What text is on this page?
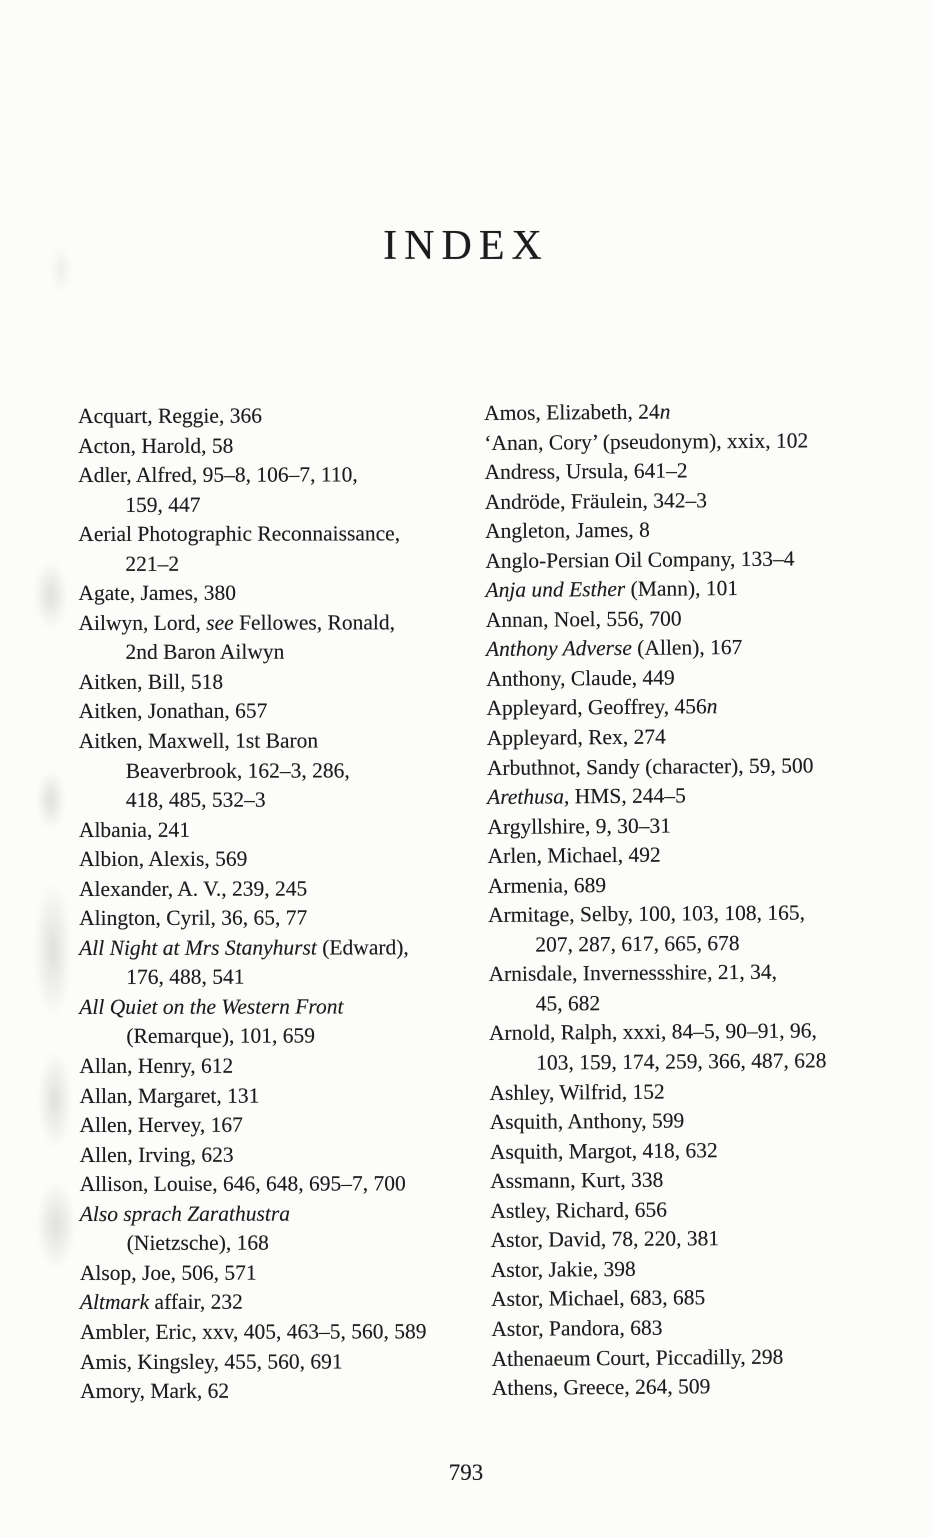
INDEX
Acquart, Reggie, 366
Acton, Harold, 58
Adler, Alfred, 95–8, 106–7, 110,
159, 447
Aerial Photographic Reconnaissance,
221–2
Agate, James, 380
Ailwyn, Lord, see Fellowes, Ronald,
2nd Baron Ailwyn
Aitken, Bill, 518
Aitken, Jonathan, 657
Aitken, Maxwell, 1st Baron
Beaverbrook, 162–3, 286,
418, 485, 532–3
Albania, 241
Albion, Alexis, 569
Alexander, A. V., 239, 245
Alington, Cyril, 36, 65, 77
All Night at Mrs Stanyhurst (Edward),
176, 488, 541
All Quiet on the Western Front
(Remarque), 101, 659
Allan, Henry, 612
Allan, Margaret, 131
Allen, Hervey, 167
Allen, Irving, 623
Allison, Louise, 646, 648, 695–7, 700
Also sprach Zarathustra
(Nietzsche), 168
Alsop, Joe, 506, 571
Altmark affair, 232
Ambler, Eric, xxv, 405, 463–5, 560, 589
Amis, Kingsley, 455, 560, 691
Amory, Mark, 62
Amos, Elizabeth, 24n
‘Anan, Cory’ (pseudonym), xxix, 102
Andress, Ursula, 641–2
Andröde, Fräulein, 342–3
Angleton, James, 8
Anglo-Persian Oil Company, 133–4
Anja und Esther (Mann), 101
Annan, Noel, 556, 700
Anthony Adverse (Allen), 167
Anthony, Claude, 449
Appleyard, Geoffrey, 456n
Appleyard, Rex, 274
Arbuthnot, Sandy (character), 59, 500
Arethusa, HMS, 244–5
Argyllshire, 9, 30–31
Arlen, Michael, 492
Armenia, 689
Armitage, Selby, 100, 103, 108, 165,
207, 287, 617, 665, 678
Arnisdale, Invernessshire, 21, 34,
45, 682
Arnold, Ralph, xxxi, 84–5, 90–91, 96,
103, 159, 174, 259, 366, 487, 628
Ashley, Wilfrid, 152
Asquith, Anthony, 599
Asquith, Margot, 418, 632
Assmann, Kurt, 338
Astley, Richard, 656
Astor, David, 78, 220, 381
Astor, Jakie, 398
Astor, Michael, 683, 685
Astor, Pandora, 683
Athenaeum Court, Piccadilly, 298
Athens, Greece, 264, 509
793
